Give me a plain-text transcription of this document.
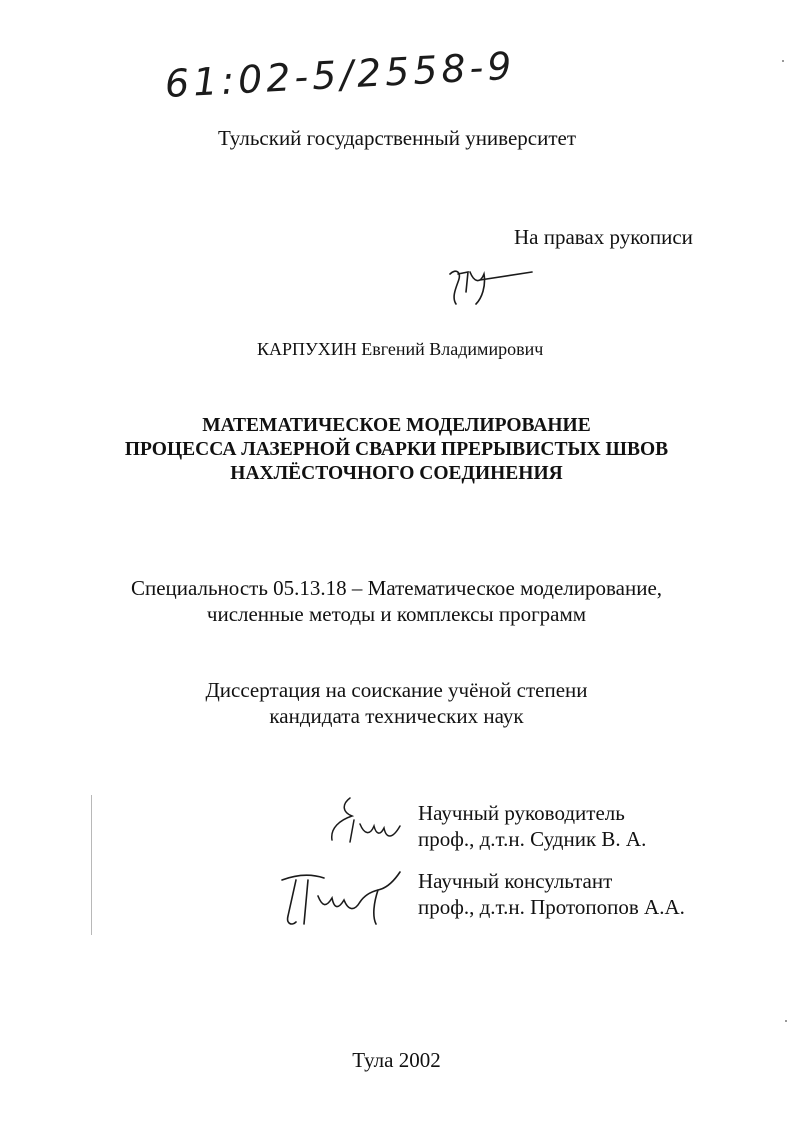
61:02-5/2558-9

Тульский государственный университет

На правах рукописи

КАРПУХИН Евгений Владимирович

МАТЕМАТИЧЕСКОЕ МОДЕЛИРОВАНИЕ
ПРОЦЕССА ЛАЗЕРНОЙ СВАРКИ ПРЕРЫВИСТЫХ ШВОВ
НАХЛЁСТОЧНОГО СОЕДИНЕНИЯ
Специальность 05.13.18 – Математическое моделирование,
численные методы и комплексы программ
Диссертация на соискание учёной степени
кандидата технических наук
Научный руководитель
проф., д.т.н. Судник В. А.
Научный консультант
проф., д.т.н. Протопопов А.А.

Тула 2002
